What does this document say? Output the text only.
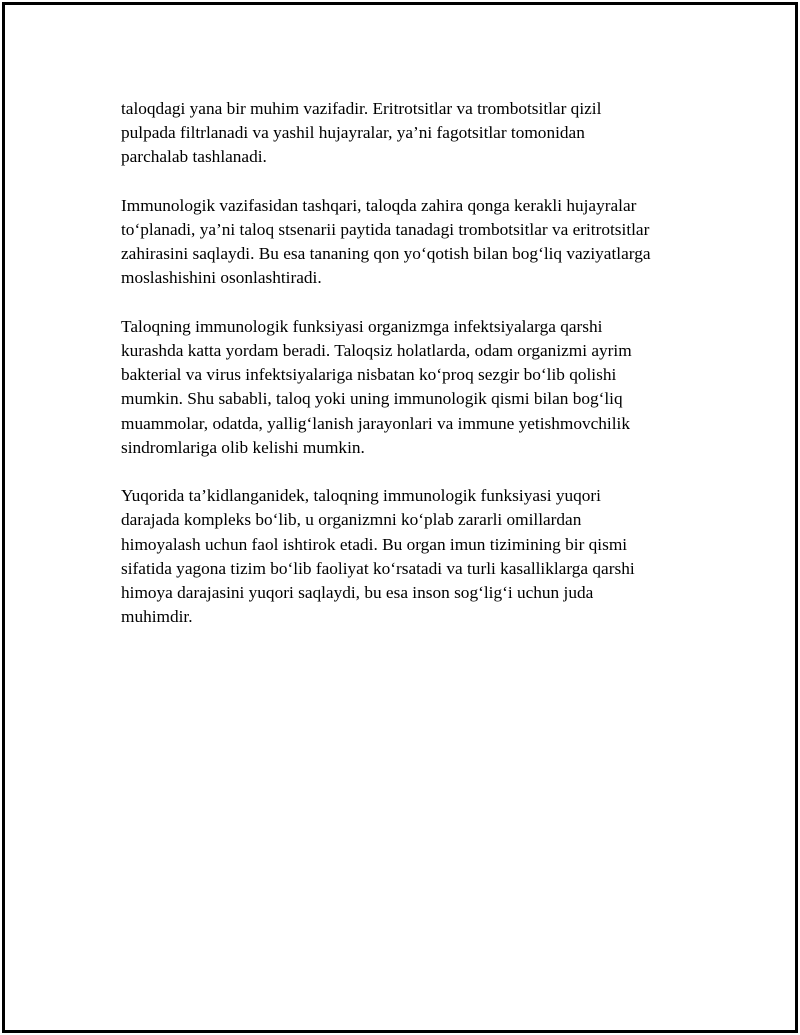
taloqdagi yana bir muhim vazifadir. Eritrotsitlar va trombotsitlar qizil
pulpada filtrlanadi va yashil hujayralar, ya’ni fagotsitlar tomonidan
parchalab tashlanadi.

Immunologik vazifasidan tashqari, taloqda zahira qonga kerakli hujayralar
to‘planadi, ya’ni taloq stsenarii paytida tanadagi trombotsitlar va eritrotsitlar
zahirasini saqlaydi. Bu esa tananing qon yo‘qotish bilan bog‘liq vaziyatlarga
moslashishini osonlashtiradi.

Taloqning immunologik funksiyasi organizmga infektsiyalarga qarshi
kurashda katta yordam beradi. Taloqsiz holatlarda, odam organizmi ayrim
bakterial va virus infektsiyalariga nisbatan ko‘proq sezgir bo‘lib qolishi
mumkin. Shu sababli, taloq yoki uning immunologik qismi bilan bog‘liq
muammolar, odatda, yallig‘lanish jarayonlari va immune yetishmovchilik
sindromlariga olib kelishi mumkin.

Yuqorida ta’kidlanganidek, taloqning immunologik funksiyasi yuqori
darajada kompleks bo‘lib, u organizmni ko‘plab zararli omillardan
himoyalash uchun faol ishtirok etadi. Bu organ imun tizimining bir qismi
sifatida yagona tizim bo‘lib faoliyat ko‘rsatadi va turli kasalliklarga qarshi
himoya darajasini yuqori saqlaydi, bu esa inson sog‘lig‘i uchun juda
muhimdir.
